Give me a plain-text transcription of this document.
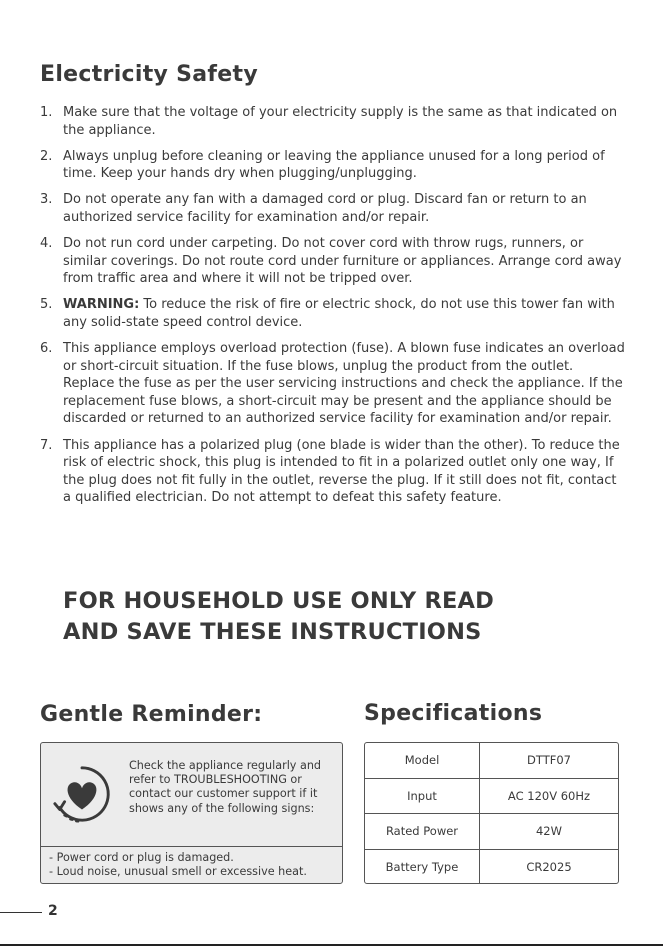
Electricity Safety
1. Make sure that the voltage of your electricity supply is the same as that indicated on the appliance.
2. Always unplug before cleaning or leaving the appliance unused for a long period of time. Keep your hands dry when plugging/unplugging.
3. Do not operate any fan with a damaged cord or plug. Discard fan or return to an authorized service facility for examination and/or repair.
4. Do not run cord under carpeting. Do not cover cord with throw rugs, runners, or similar coverings. Do not route cord under furniture or appliances. Arrange cord away from traffic area and where it will not be tripped over.
5. WARNING: To reduce the risk of fire or electric shock, do not use this tower fan with any solid-state speed control device.
6. This appliance employs overload protection (fuse). A blown fuse indicates an overload or short-circuit situation. If the fuse blows, unplug the product from the outlet. Replace the fuse as per the user servicing instructions and check the appliance. If the replacement fuse blows, a short-circuit may be present and the appliance should be discarded or returned to an authorized service facility for examination and/or repair.
7. This appliance has a polarized plug (one blade is wider than the other). To reduce the risk of electric shock, this plug is intended to fit in a polarized outlet only one way, If the plug does not fit fully in the outlet, reverse the plug. If it still does not fit, contact a qualified electrician. Do not attempt to defeat this safety feature.
FOR HOUSEHOLD USE ONLY READ
AND SAVE THESE INSTRUCTIONS
Gentle Reminder:	Specifications
Check the appliance regularly and refer to TROUBLESHOOTING or contact our customer support if it shows any of the following signs:
- Power cord or plug is damaged.
- Loud noise, unusual smell or excessive heat.
Model	DTTF07
Input	AC 120V 60Hz
Rated Power	42W
Battery Type	CR2025
2
